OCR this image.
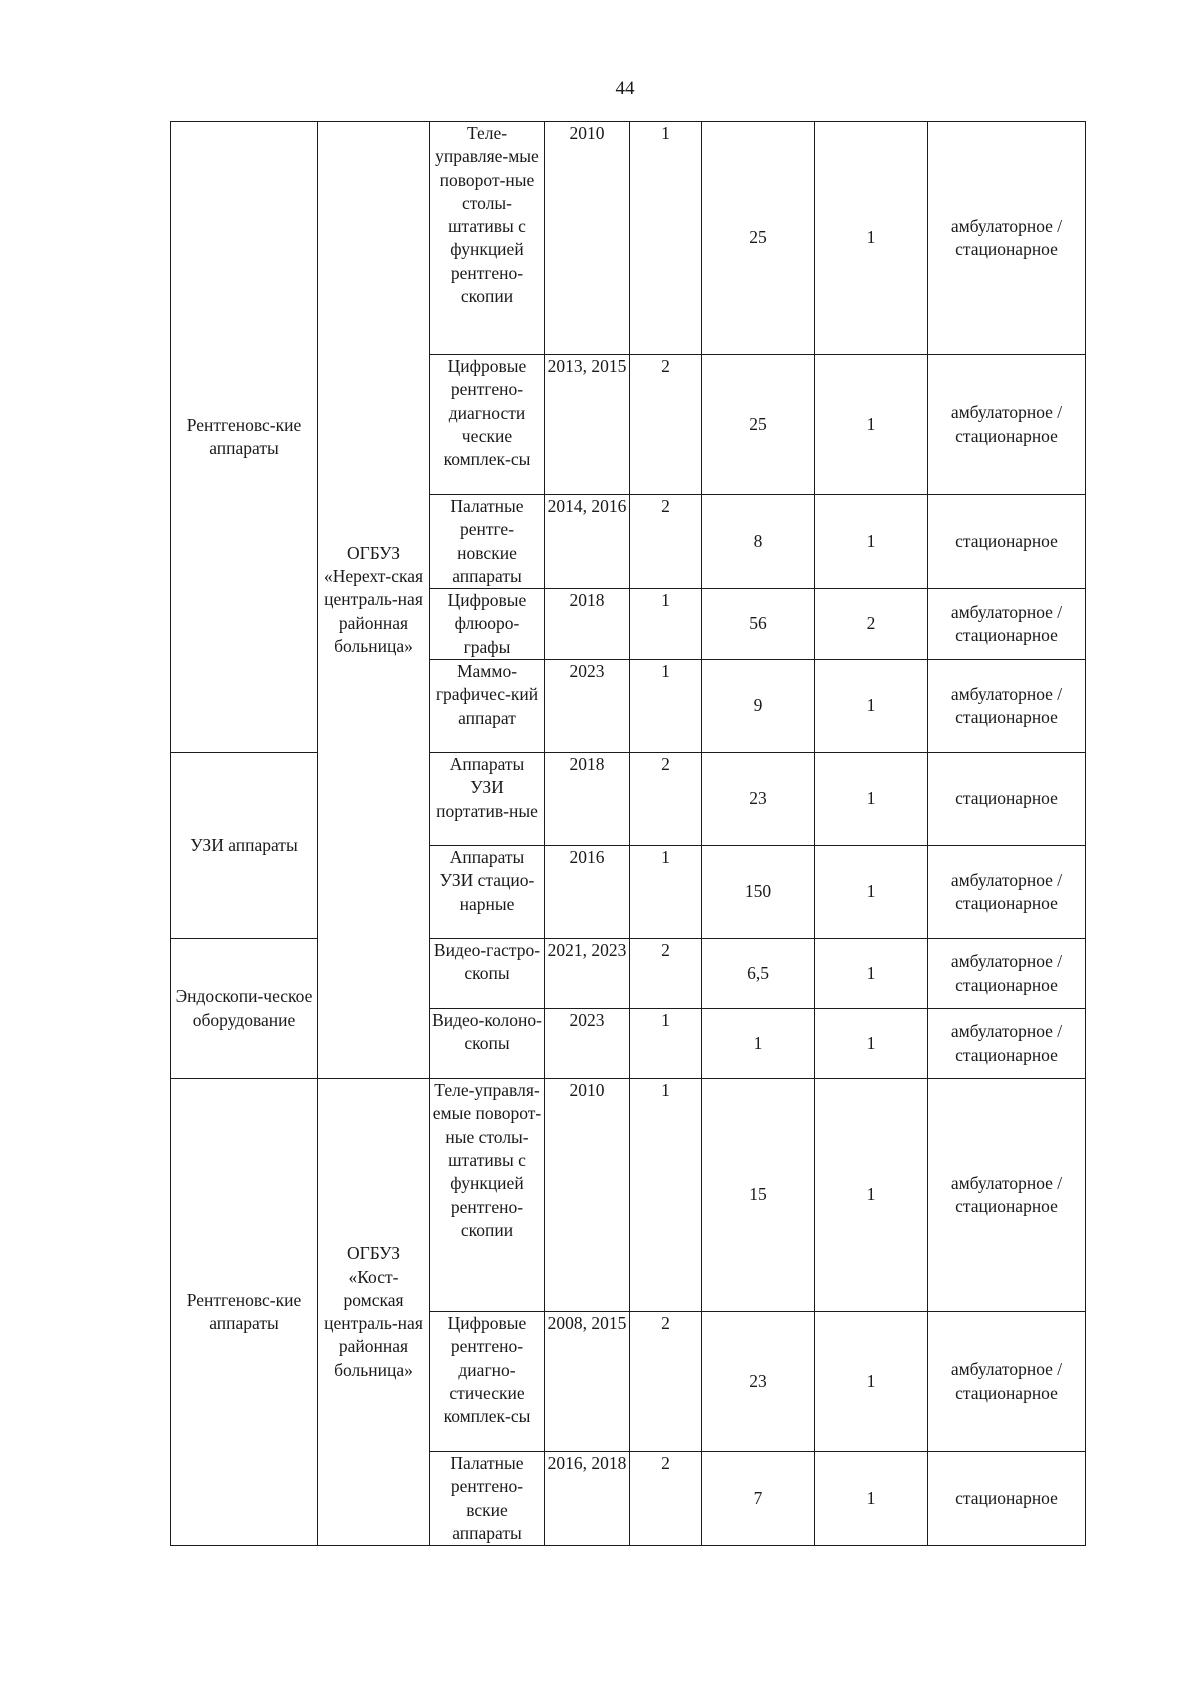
44
Рентгеновс-кие аппараты	ОГБУЗ «Нерехт-ская централь-ная районная больница»	Теле-управляе-мые поворот-ные столы-штативы с функцией рентгено-скопии	2010	1	25	1	амбулаторное /стационарное
		Цифровые рентгено-диагности ческие комплек-сы	2013, 2015	2	25	1	амбулаторное /стационарное
		Палатные рентге-новские аппараты	2014, 2016	2	8	1	стационарное
		Цифровые флюоро-графы	2018	1	56	2	амбулаторное /стационарное
		Маммо-графичес-кий аппарат	2023	1	9	1	амбулаторное /стационарное
УЗИ аппараты		Аппараты УЗИ портатив-ные	2018	2	23	1	стационарное
		Аппараты УЗИ стацио-нарные	2016	1	150	1	амбулаторное /стационарное
Эндоскопи-ческое оборудование		Видео-гастро-скопы	2021, 2023	2	6,5	1	амбулаторное /стационарное
		Видео-колоно-скопы	2023	1	1	1	амбулаторное /стационарное
Рентгеновс-кие аппараты	ОГБУЗ «Кост-ромская централь-ная районная больница»	Теле-управля-емые поворот-ные столы-штативы с функцией рентгено-скопии	2010	1	15	1	амбулаторное /стационарное
		Цифровые рентгено-диагно-стические комплек-сы	2008, 2015	2	23	1	амбулаторное /стационарное
		Палатные рентгено-вские аппараты	2016, 2018	2	7	1	стационарное
